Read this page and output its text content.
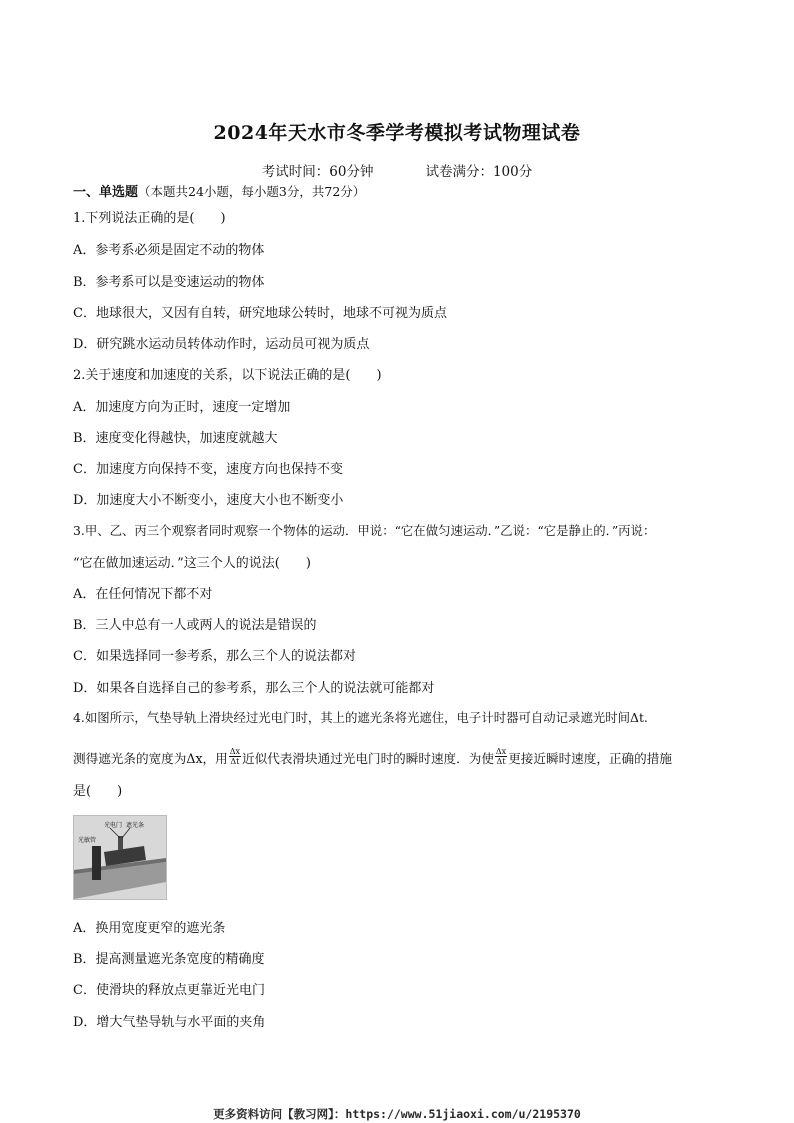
2024年天水市冬季学考模拟考试物理试卷
考试时间：60分钟	试卷满分：100分
一、单选题（本题共24小题，每小题3分，共72分）
1.下列说法正确的是(　　)
A．参考系必须是固定不动的物体
B．参考系可以是变速运动的物体
C．地球很大，又因有自转，研究地球公转时，地球不可视为质点
D．研究跳水运动员转体动作时，运动员可视为质点
2.关于速度和加速度的关系，以下说法正确的是(　　)
A．加速度方向为正时，速度一定增加
B．速度变化得越快，加速度就越大
C．加速度方向保持不变，速度方向也保持不变
D．加速度大小不断变小，速度大小也不断变小
3.甲、乙、丙三个观察者同时观察一个物体的运动．甲说：“它在做匀速运动．”乙说：“它是静止的．”丙说：
“它在做加速运动．”这三个人的说法(　　)
A．在任何情况下都不对
B．三人中总有一人或两人的说法是错误的
C．如果选择同一参考系，那么三个人的说法都对
D．如果各自选择自己的参考系，那么三个人的说法就可能都对
4.如图所示，气垫导轨上滑块经过光电门时，其上的遮光条将光遮住，电子计时器可自动记录遮光时间Δt.
测得遮光条的宽度为Δx，用 $\frac{\Delta x}{\Delta t}$ 近似代表滑块通过光电门时的瞬时速度．为使 $\frac{\Delta x}{\Delta t}$ 更接近瞬时速度，正确的措施
是(　　)
光电门 遮光条
光敏管
A．换用宽度更窄的遮光条
B．提高测量遮光条宽度的精确度
C．使滑块的释放点更靠近光电门
D．增大气垫导轨与水平面的夹角
更多资料访问【教习网】：https://www.51jiaoxi.com/u/2195370
